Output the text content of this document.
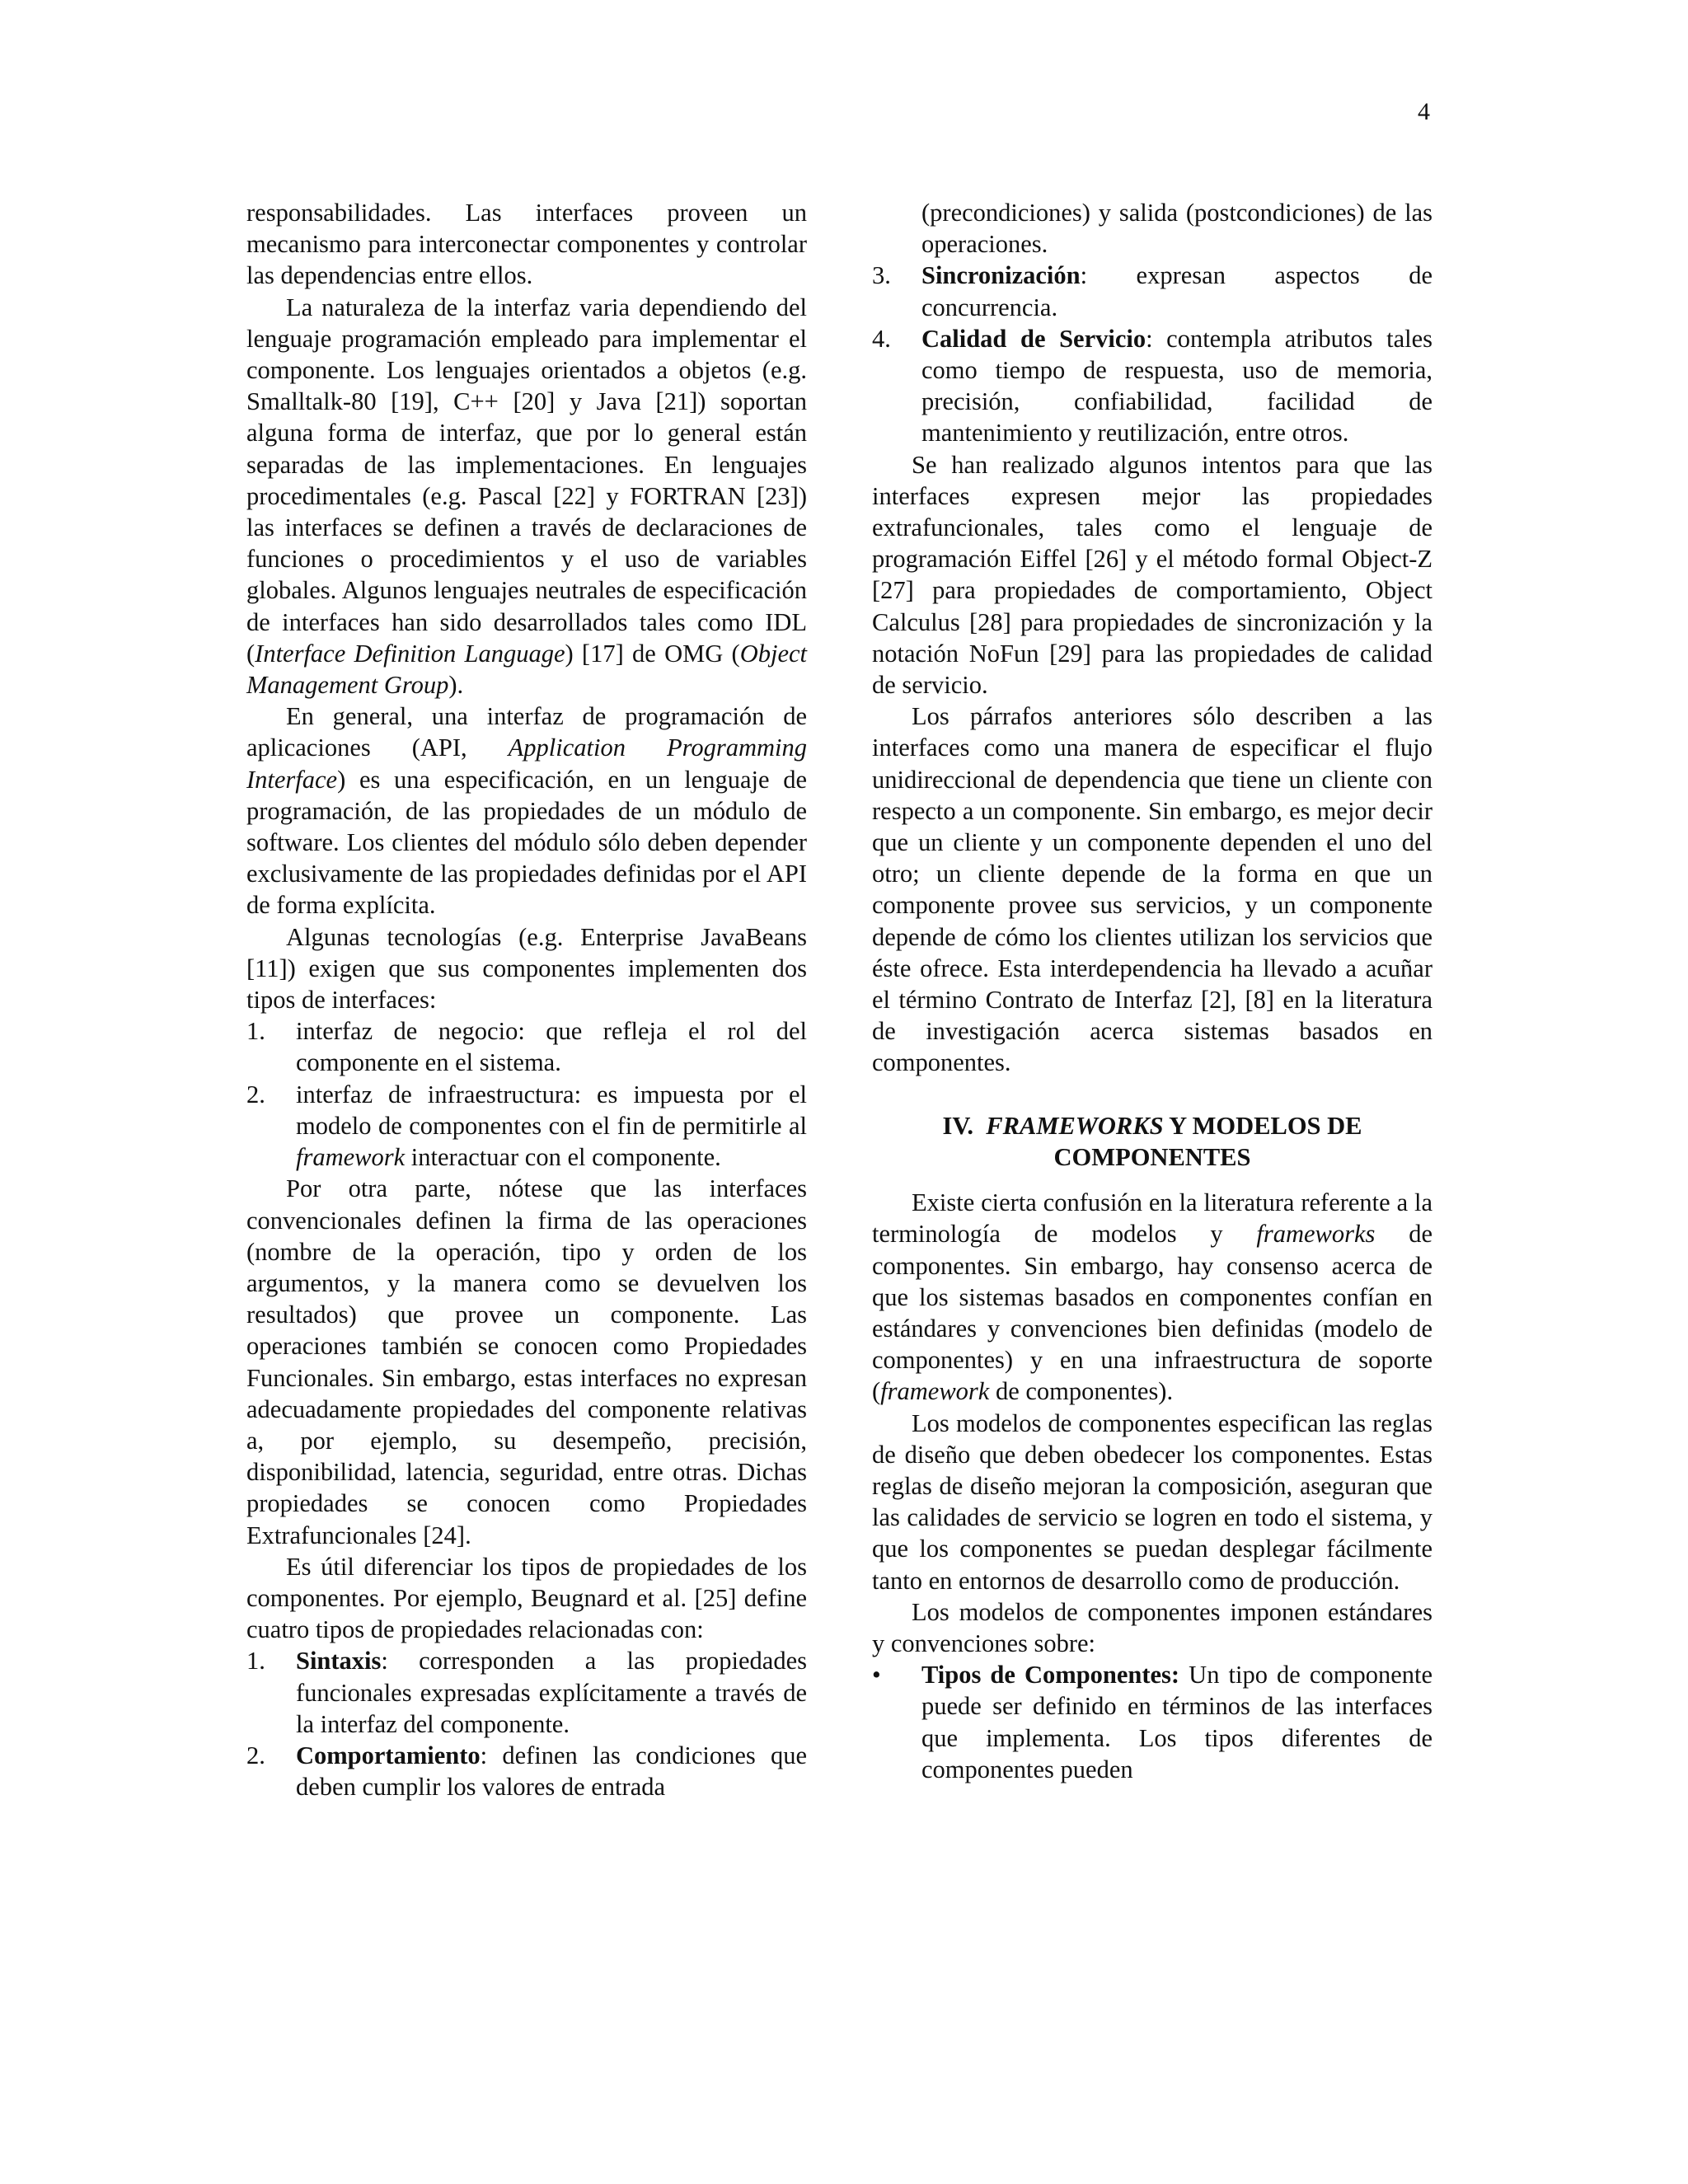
4

responsabilidades. Las interfaces proveen un mecanismo para interconectar componentes y controlar las dependencias entre ellos.

La naturaleza de la interfaz varia dependiendo del lenguaje programación empleado para implementar el componente. Los lenguajes orientados a objetos (e.g. Smalltalk-80 [19], C++ [20] y Java [21]) soportan alguna forma de interfaz, que por lo general están separadas de las implementaciones. En lenguajes procedimentales (e.g. Pascal [22] y FORTRAN [23]) las interfaces se definen a través de declaraciones de funciones o procedimientos y el uso de variables globales. Algunos lenguajes neutrales de especificación de interfaces han sido desarrollados tales como IDL (Interface Definition Language) [17] de OMG (Object Management Group).

En general, una interfaz de programación de aplicaciones (API, Application Programming Interface) es una especificación, en un lenguaje de programación, de las propiedades de un módulo de software. Los clientes del módulo sólo deben depender exclusivamente de las propiedades definidas por el API de forma explícita.

Algunas tecnologías (e.g. Enterprise JavaBeans [11]) exigen que sus componentes implementen dos tipos de interfaces:

1. interfaz de negocio: que refleja el rol del componente en el sistema.
2. interfaz de infraestructura: es impuesta por el modelo de componentes con el fin de permitirle al framework interactuar con el componente.

Por otra parte, nótese que las interfaces convencionales definen la firma de las operaciones (nombre de la operación, tipo y orden de los argumentos, y la manera como se devuelven los resultados) que provee un componente. Las operaciones también se conocen como Propiedades Funcionales. Sin embargo, estas interfaces no expresan adecuadamente propiedades del componente relativas a, por ejemplo, su desempeño, precisión, disponibilidad, latencia, seguridad, entre otras. Dichas propiedades se conocen como Propiedades Extrafuncionales [24].

Es útil diferenciar los tipos de propiedades de los componentes. Por ejemplo, Beugnard et al. [25] define cuatro tipos de propiedades relacionadas con:

1. Sintaxis: corresponden a las propiedades funcionales expresadas explícitamente a través de la interfaz del componente.
2. Comportamiento: definen las condiciones que deben cumplir los valores de entrada
(precondiciones) y salida (postcondiciones) de las operaciones.
3. Sincronización: expresan aspectos de concurrencia.
4. Calidad de Servicio: contempla atributos tales como tiempo de respuesta, uso de memoria, precisión, confiabilidad, facilidad de mantenimiento y reutilización, entre otros.

Se han realizado algunos intentos para que las interfaces expresen mejor las propiedades extrafuncionales, tales como el lenguaje de programación Eiffel [26] y el método formal Object-Z [27] para propiedades de comportamiento, Object Calculus [28] para propiedades de sincronización y la notación NoFun [29] para las propiedades de calidad de servicio.

Los párrafos anteriores sólo describen a las interfaces como una manera de especificar el flujo unidireccional de dependencia que tiene un cliente con respecto a un componente. Sin embargo, es mejor decir que un cliente y un componente dependen el uno del otro; un cliente depende de la forma en que un componente provee sus servicios, y un componente depende de cómo los clientes utilizan los servicios que éste ofrece. Esta interdependencia ha llevado a acuñar el término Contrato de Interfaz [2], [8] en la literatura de investigación acerca sistemas basados en componentes.

IV. FRAMEWORKS Y MODELOS DE
COMPONENTES

Existe cierta confusión en la literatura referente a la terminología de modelos y frameworks de componentes. Sin embargo, hay consenso acerca de que los sistemas basados en componentes confían en estándares y convenciones bien definidas (modelo de componentes) y en una infraestructura de soporte (framework de componentes).

Los modelos de componentes especifican las reglas de diseño que deben obedecer los componentes. Estas reglas de diseño mejoran la composición, aseguran que las calidades de servicio se logren en todo el sistema, y que los componentes se puedan desplegar fácilmente tanto en entornos de desarrollo como de producción.

Los modelos de componentes imponen estándares y convenciones sobre:

• Tipos de Componentes: Un tipo de componente puede ser definido en términos de las interfaces que implementa. Los tipos diferentes de componentes pueden
